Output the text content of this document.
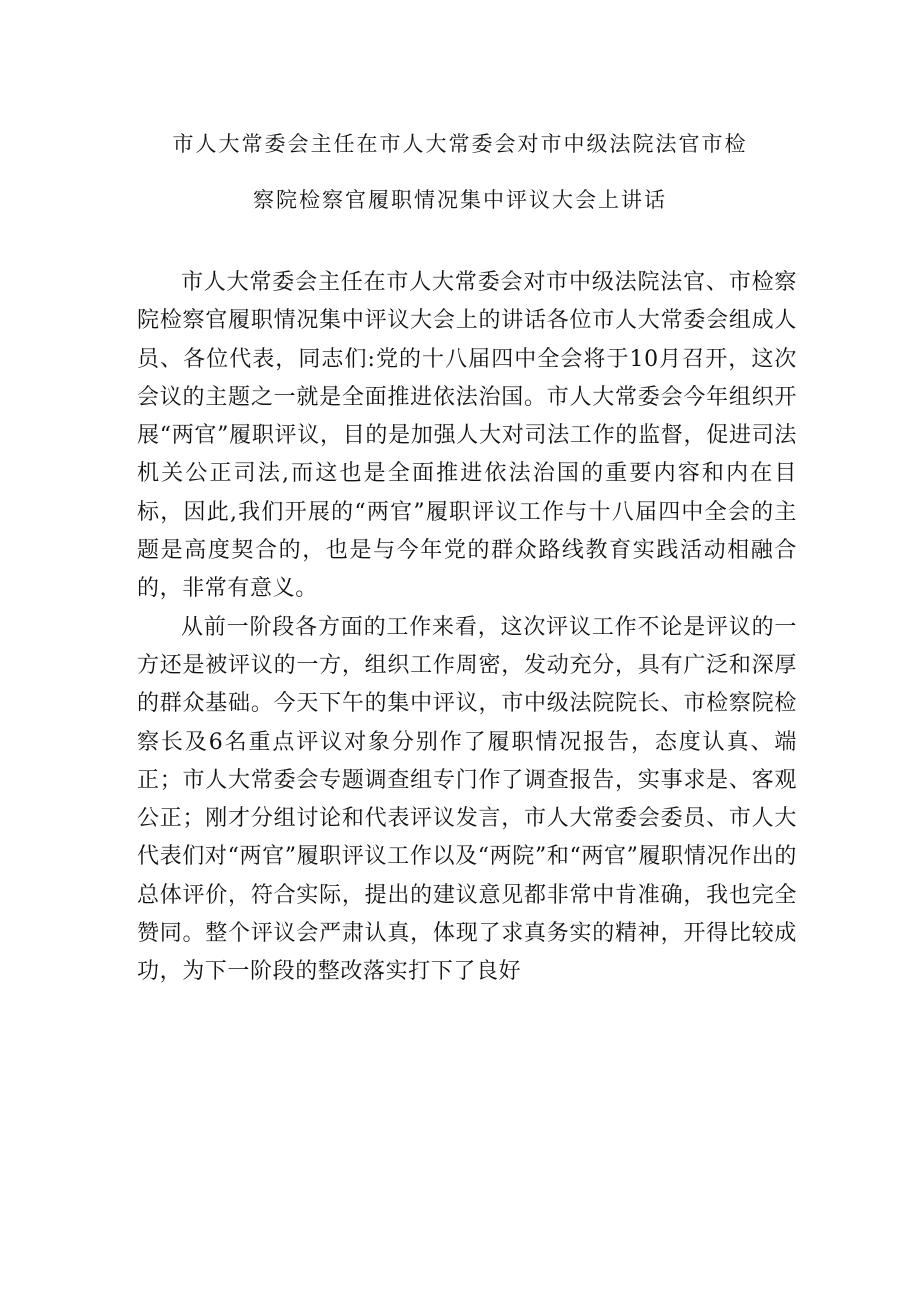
市人大常委会主任在市人大常委会对市中级法院法官市检
察院检察官履职情况集中评议大会上讲话

市人大常委会主任在市人大常委会对市中级法院法官、市检察院检察官履职情况集中评议大会上的讲话各位市人大常委会组成人员、各位代表，同志们:党的十八届四中全会将于10月召开，这次会议的主题之一就是全面推进依法治国。市人大常委会今年组织开展“两官”履职评议，目的是加强人大对司法工作的监督，促进司法机关公正司法,而这也是全面推进依法治国的重要内容和内在目标，因此,我们开展的“两官”履职评议工作与十八届四中全会的主题是高度契合的，也是与今年党的群众路线教育实践活动相融合的，非常有意义。

从前一阶段各方面的工作来看，这次评议工作不论是评议的一方还是被评议的一方，组织工作周密，发动充分，具有广泛和深厚的群众基础。今天下午的集中评议，市中级法院院长、市检察院检察长及6名重点评议对象分别作了履职情况报告，态度认真、端正；市人大常委会专题调查组专门作了调查报告，实事求是、客观公正；刚才分组讨论和代表评议发言，市人大常委会委员、市人大代表们对“两官”履职评议工作以及“两院”和“两官”履职情况作出的总体评价，符合实际，提出的建议意见都非常中肯准确，我也完全赞同。整个评议会严肃认真，体现了求真务实的精神，开得比较成功，为下一阶段的整改落实打下了良好
